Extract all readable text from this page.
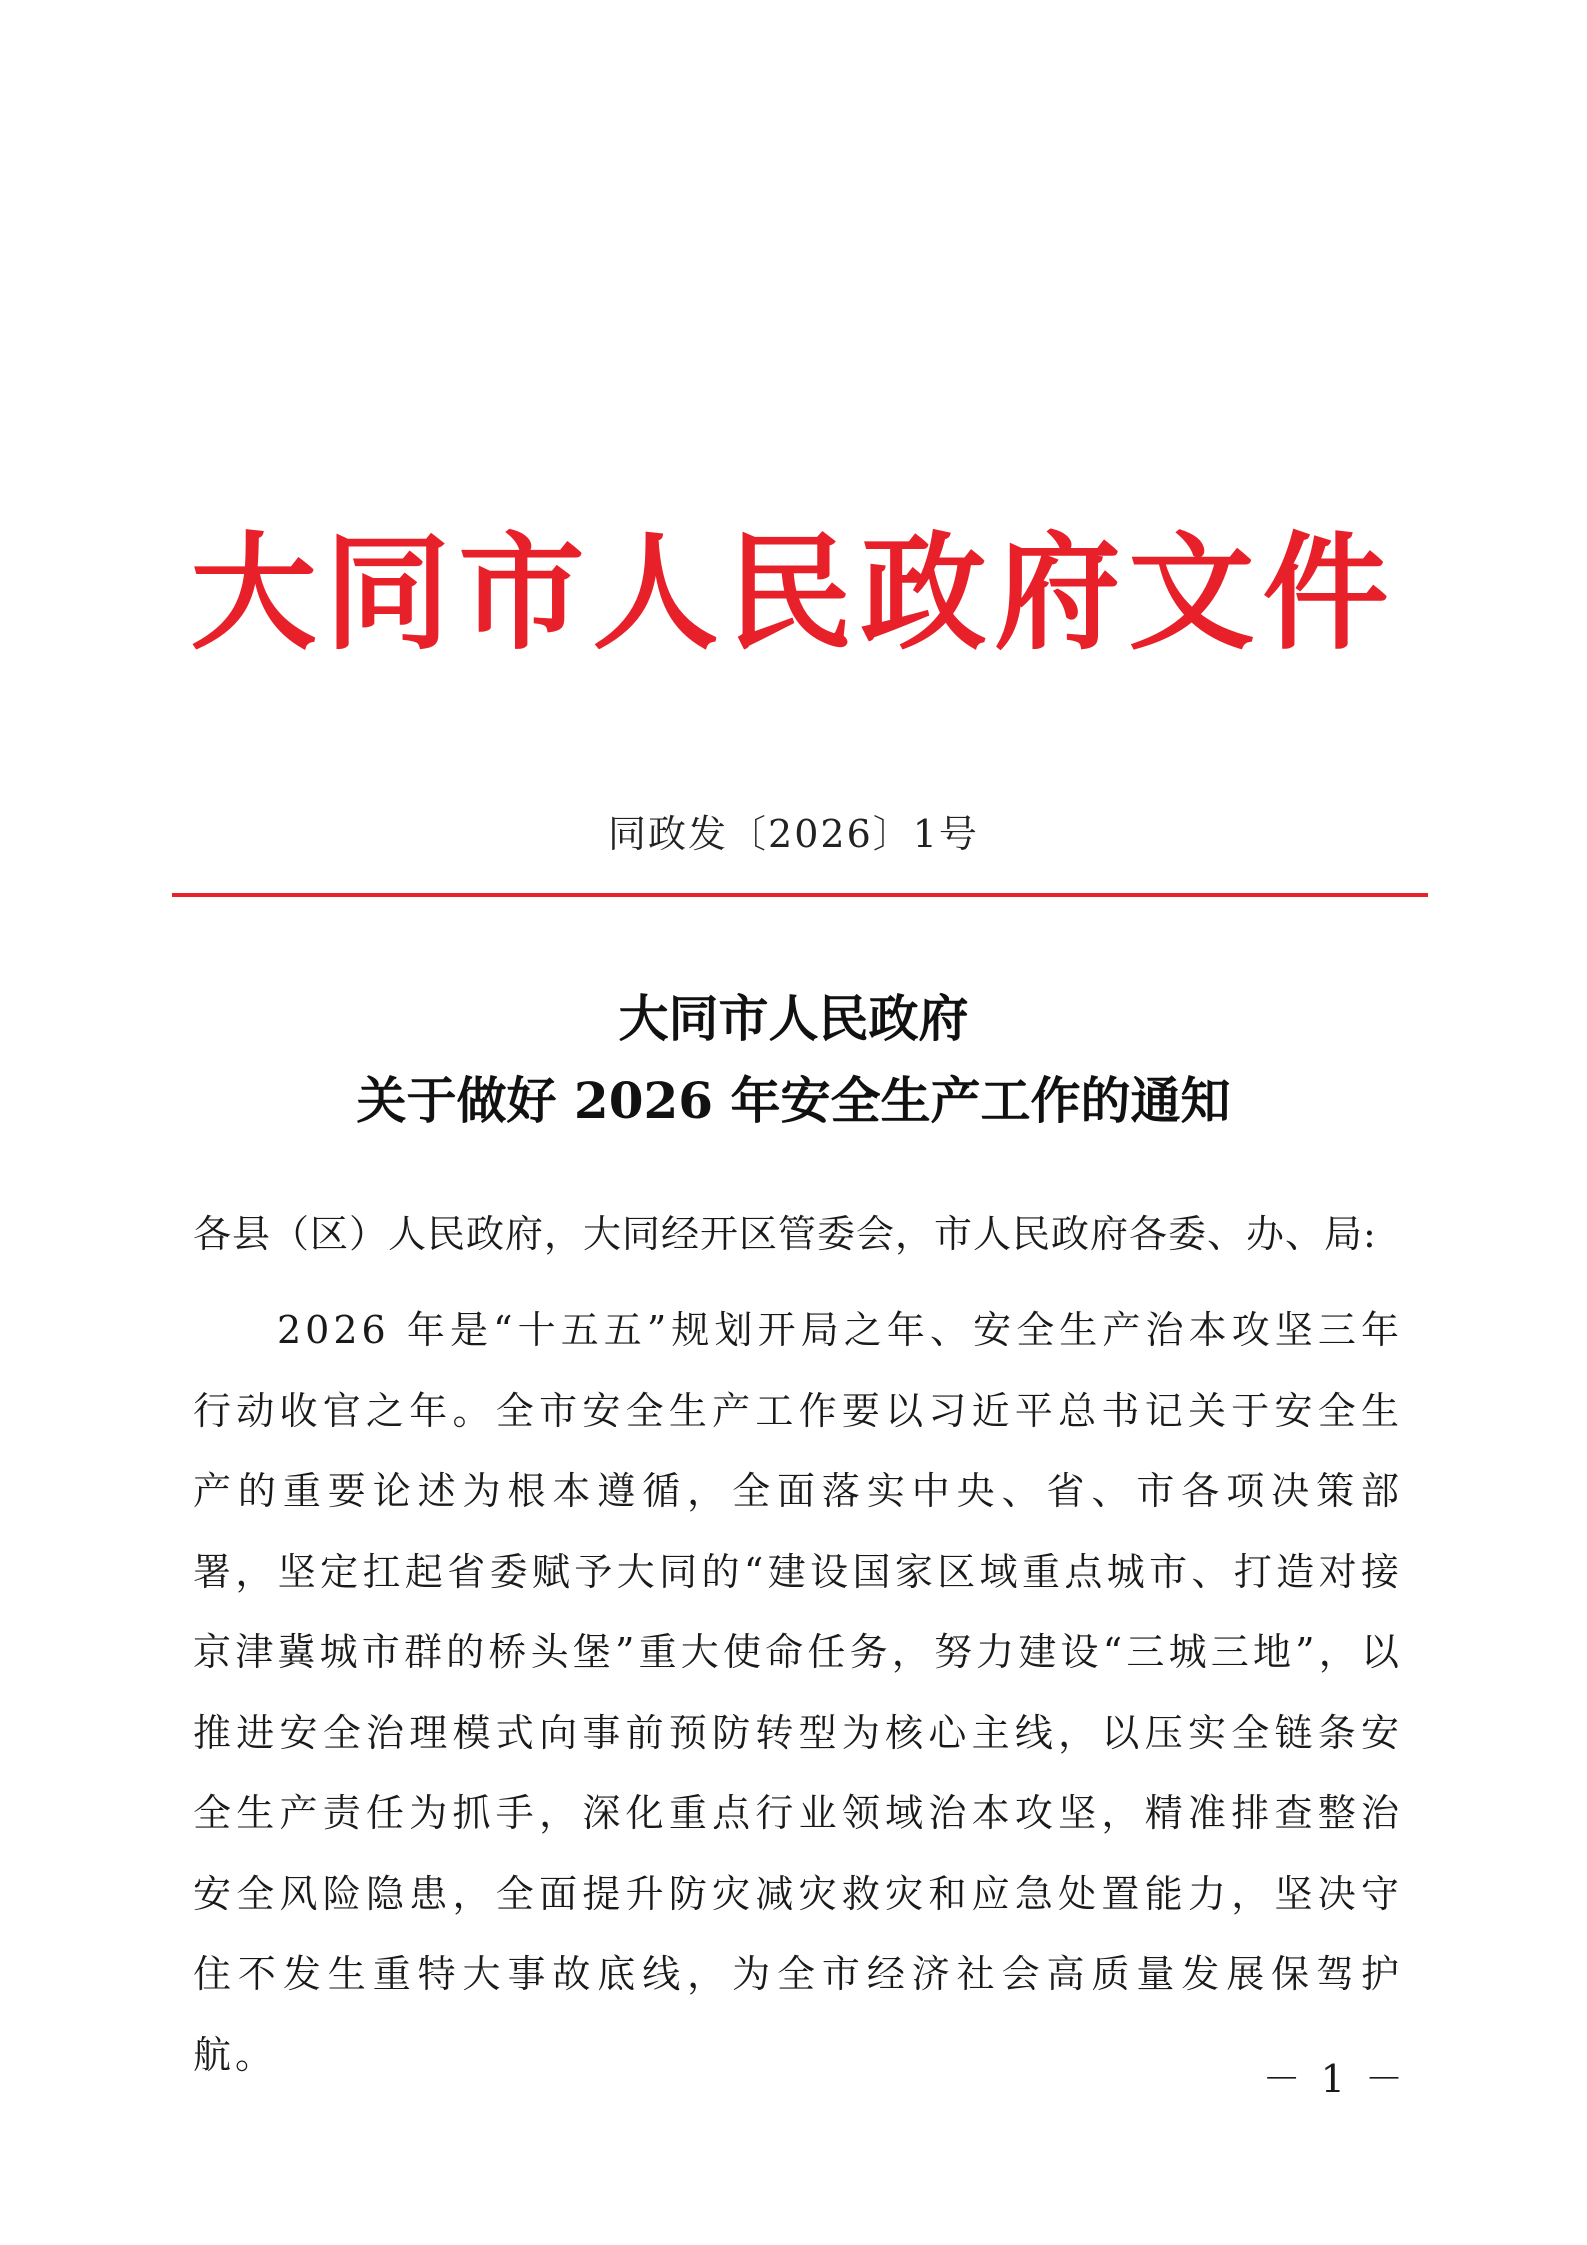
大同市人民政府文件
同政发〔2026〕1号
大同市人民政府
关于做好 2026 年安全生产工作的通知
各县（区）人民政府，大同经开区管委会，市人民政府各委、办、局:
2026 年是“十五五”规划开局之年、安全生产治本攻坚三年行动收官之年。全市安全生产工作要以习近平总书记关于安全生产的重要论述为根本遵循，全面落实中央、省、市各项决策部署，坚定扛起省委赋予大同的“建设国家区域重点城市、打造对接京津冀城市群的桥头堡”重大使命任务，努力建设“三城三地”，以推进安全治理模式向事前预防转型为核心主线，以压实全链条安全生产责任为抓手，深化重点行业领域治本攻坚，精准排查整治安全风险隐患，全面提升防灾减灾救灾和应急处置能力，坚决守住不发生重特大事故底线，为全市经济社会高质量发展保驾护航。
－ 1 －
